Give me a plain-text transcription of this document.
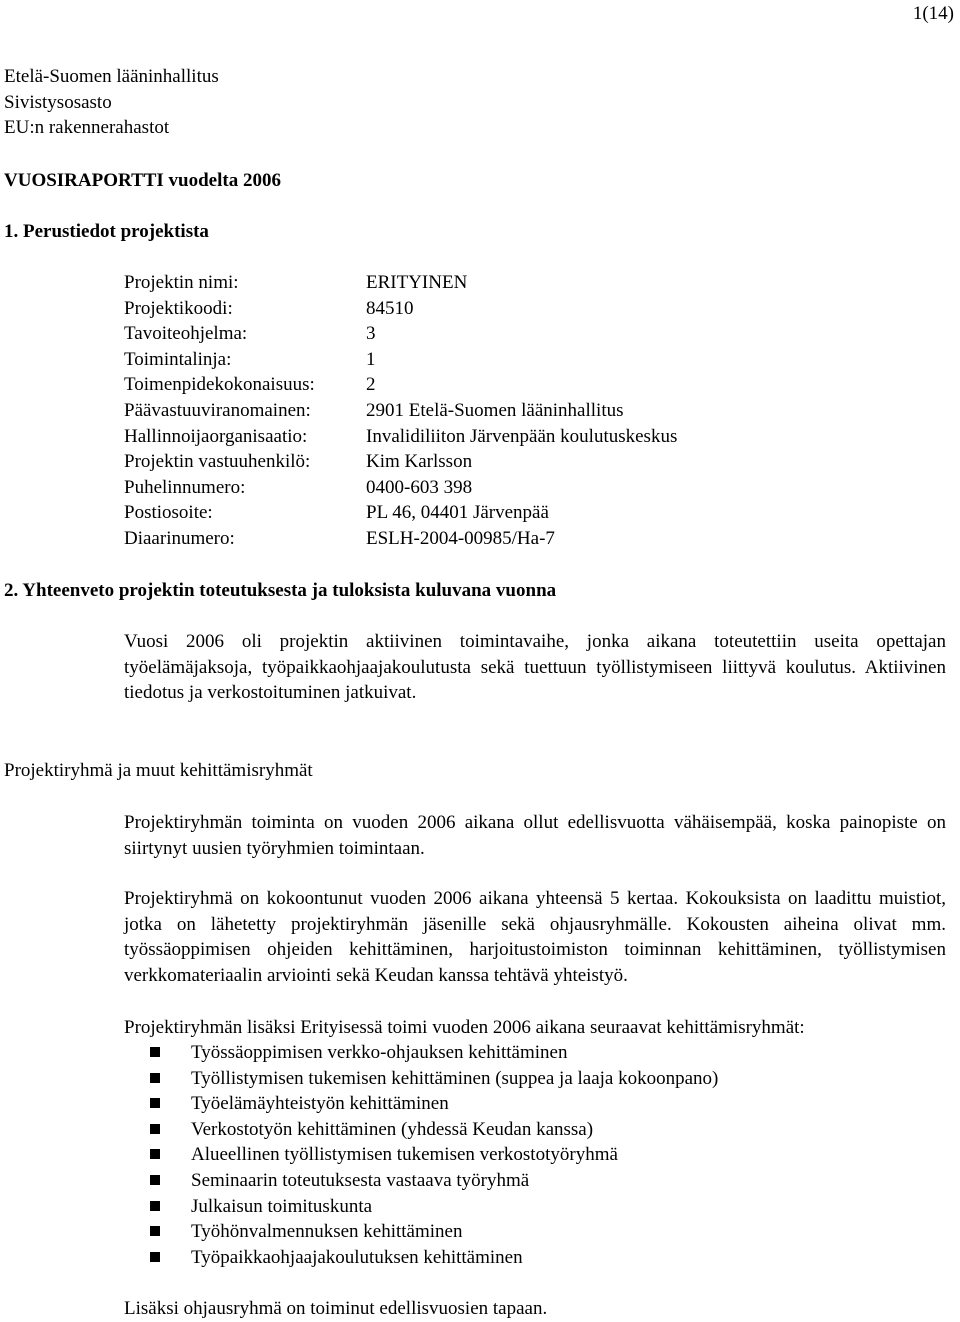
1(14)
Etelä-Suomen lääninhallitus
Sivistysosasto
EU:n rakennerahastot
VUOSIRAPORTTI vuodelta 2006
1. Perustiedot projektista
Projektin nimi:	ERITYINEN
Projektikoodi:	84510
Tavoiteohjelma:	3
Toimintalinja:	1
Toimenpidekokonaisuus:	2
Päävastuuviranomainen:	2901 Etelä-Suomen lääninhallitus
Hallinnoijaorganisaatio:	Invalidiliiton Järvenpään koulutuskeskus
Projektin vastuuhenkilö:	Kim Karlsson
Puhelinnumero:	0400-603 398
Postiosoite:	PL 46, 04401 Järvenpää
Diaarinumero:	ESLH-2004-00985/Ha-7
2. Yhteenveto projektin toteutuksesta ja tuloksista kuluvana vuonna
Vuosi 2006 oli projektin aktiivinen toimintavaihe, jonka aikana toteutettiin useita opettajan työelämäjaksoja, työpaikkaohjaajakoulutusta sekä tuettuun työllistymiseen liittyvä koulutus. Aktiivinen tiedotus ja verkostoituminen jatkuivat.
Projektiryhmä ja muut kehittämisryhmät
Projektiryhmän toiminta on vuoden 2006 aikana ollut edellisvuotta vähäisempää, koska painopiste on siirtynyt uusien työryhmien toimintaan.
Projektiryhmä on kokoontunut vuoden 2006 aikana yhteensä 5 kertaa. Kokouksista on laadittu muistiot, jotka on lähetetty projektiryhmän jäsenille sekä ohjausryhmälle. Kokousten aiheina olivat mm. työssäoppimisen ohjeiden kehittäminen, harjoitustoimiston toiminnan kehittäminen, työllistymisen verkkomateriaalin arviointi sekä Keudan kanssa tehtävä yhteistyö.
Projektiryhmän lisäksi Erityisessä toimi vuoden 2006 aikana seuraavat kehittämisryhmät:
Työssäoppimisen verkko-ohjauksen kehittäminen
Työllistymisen tukemisen kehittäminen (suppea ja laaja kokoonpano)
Työelämäyhteistyön kehittäminen
Verkostotyön kehittäminen (yhdessä Keudan kanssa)
Alueellinen työllistymisen tukemisen verkostotyöryhmä
Seminaarin toteutuksesta vastaava työryhmä
Julkaisun toimituskunta
Työhönvalmennuksen kehittäminen
Työpaikkaohjaajakoulutuksen kehittäminen
Lisäksi ohjausryhmä on toiminut edellisvuosien tapaan.
